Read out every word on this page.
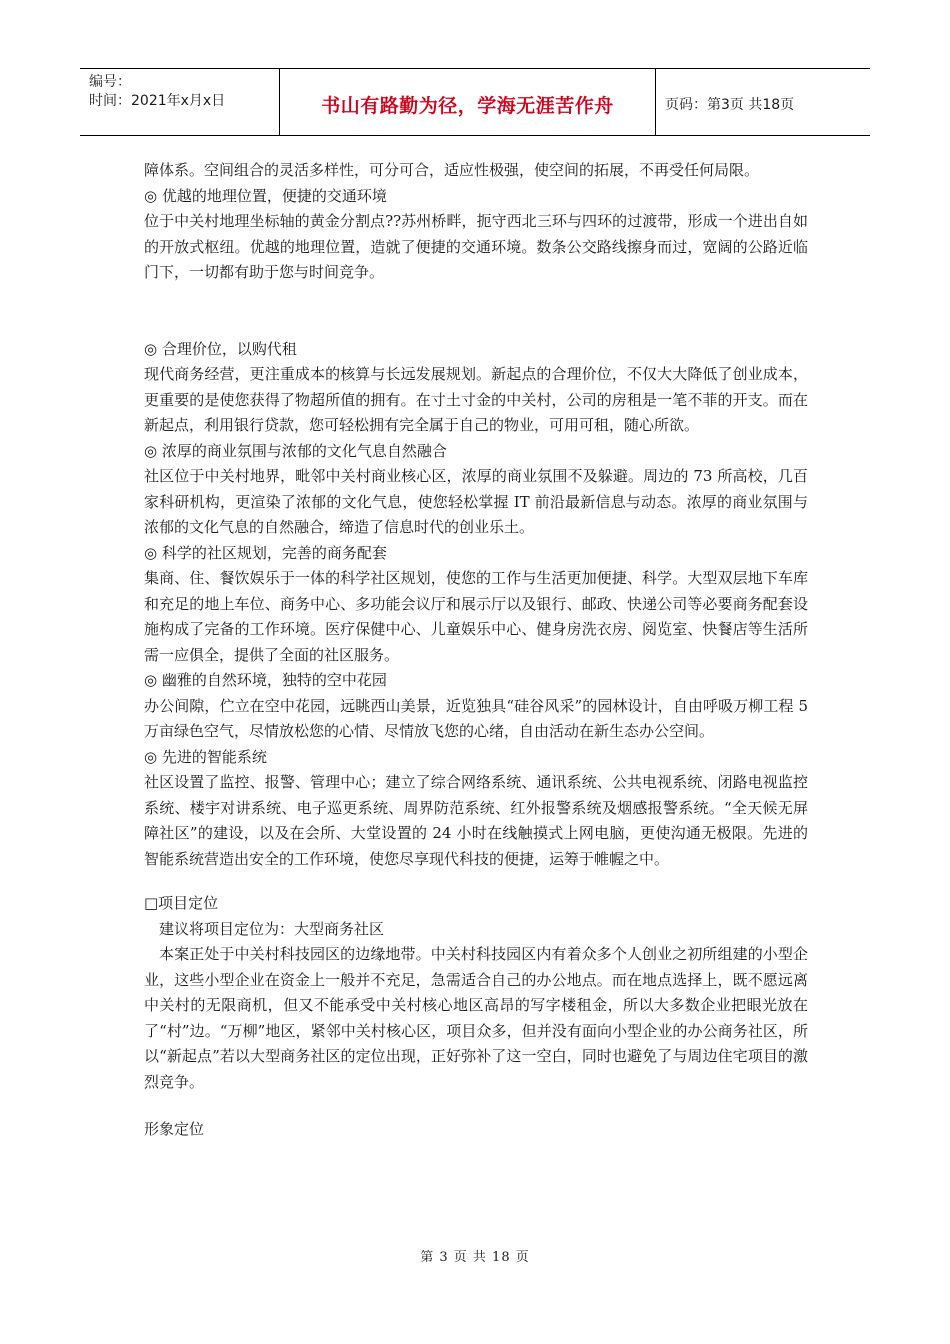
编号：
时间：2021年x月x日	书山有路勤为径，学海无涯苦作舟	页码：第3页 共18页

障体系。空间组合的灵活多样性，可分可合，适应性极强，使空间的拓展，不再受任何局限。

◎ 优越的地理位置，便捷的交通环境

位于中关村地理坐标轴的黄金分割点??苏州桥畔，扼守西北三环与四环的过渡带，形成一个进出自如的开放式枢纽。优越的地理位置，造就了便捷的交通环境。数条公交路线擦身而过，宽阔的公路近临门下，一切都有助于您与时间竞争。

◎ 合理价位，以购代租

现代商务经营，更注重成本的核算与长远发展规划。新起点的合理价位，不仅大大降低了创业成本，更重要的是使您获得了物超所值的拥有。在寸土寸金的中关村，公司的房租是一笔不菲的开支。而在新起点，利用银行贷款，您可轻松拥有完全属于自己的物业，可用可租，随心所欲。

◎ 浓厚的商业氛围与浓郁的文化气息自然融合

社区位于中关村地界，毗邻中关村商业核心区，浓厚的商业氛围不及躲避。周边的 73 所高校，几百家科研机构，更渲染了浓郁的文化气息，使您轻松掌握 IT 前沿最新信息与动态。浓厚的商业氛围与浓郁的文化气息的自然融合，缔造了信息时代的创业乐土。

◎ 科学的社区规划，完善的商务配套

集商、住、餐饮娱乐于一体的科学社区规划，使您的工作与生活更加便捷、科学。大型双层地下车库和充足的地上车位、商务中心、多功能会议厅和展示厅以及银行、邮政、快递公司等必要商务配套设施构成了完备的工作环境。医疗保健中心、儿童娱乐中心、健身房洗衣房、阅览室、快餐店等生活所需一应俱全，提供了全面的社区服务。

◎ 幽雅的自然环境，独特的空中花园

办公间隙，伫立在空中花园，远眺西山美景，近览独具“硅谷风采”的园林设计，自由呼吸万柳工程 5 万亩绿色空气，尽情放松您的心情、尽情放飞您的心绪，自由活动在新生态办公空间。

◎ 先进的智能系统

社区设置了监控、报警、管理中心；建立了综合网络系统、通讯系统、公共电视系统、闭路电视监控系统、楼宇对讲系统、电子巡更系统、周界防范系统、红外报警系统及烟感报警系统。“全天候无屏障社区”的建设，以及在会所、大堂设置的 24 小时在线触摸式上网电脑，更使沟通无极限。先进的智能系统营造出安全的工作环境，使您尽享现代科技的便捷，运筹于帷幄之中。

□项目定位

建议将项目定位为：大型商务社区

本案正处于中关村科技园区的边缘地带。中关村科技园区内有着众多个人创业之初所组建的小型企业，这些小型企业在资金上一般并不充足，急需适合自己的办公地点。而在地点选择上，既不愿远离中关村的无限商机，但又不能承受中关村核心地区高昂的写字楼租金，所以大多数企业把眼光放在了“村”边。“万柳”地区，紧邻中关村核心区，项目众多，但并没有面向小型企业的办公商务社区，所以“新起点”若以大型商务社区的定位出现，正好弥补了这一空白，同时也避免了与周边住宅项目的激烈竞争。

形象定位

第 3 页 共 18 页
